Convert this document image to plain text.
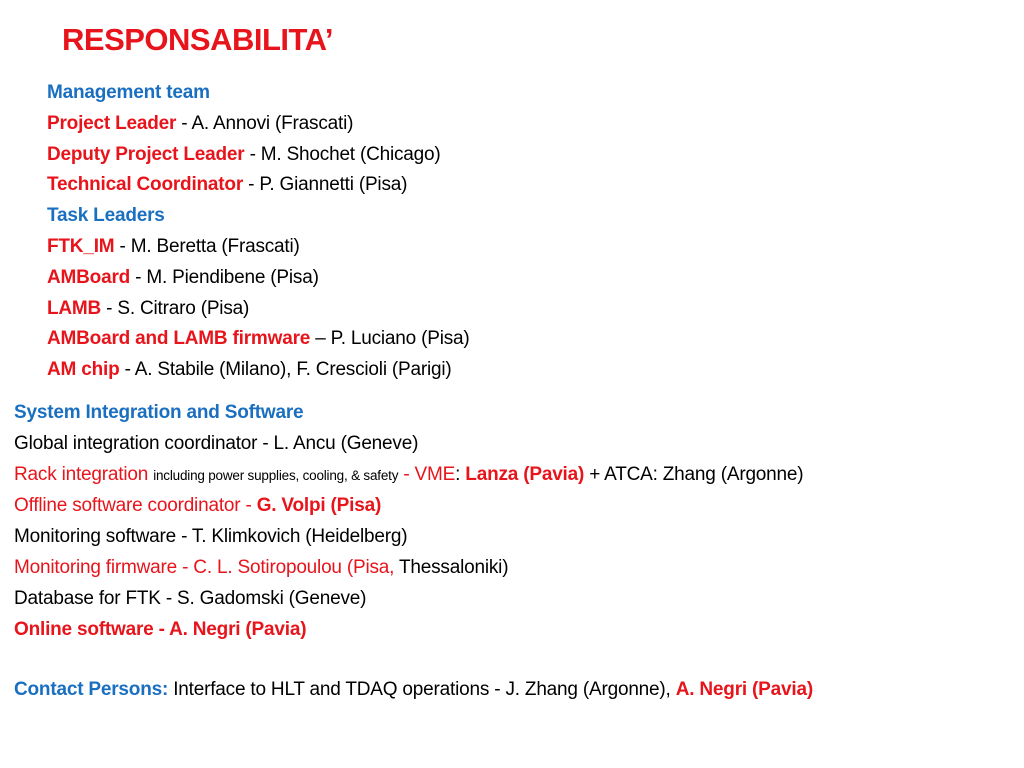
RESPONSABILITA’
Management team
Project Leader - A. Annovi (Frascati)
Deputy Project Leader - M. Shochet (Chicago)
Technical Coordinator - P. Giannetti (Pisa)
Task Leaders
FTK_IM - M. Beretta (Frascati)
AMBoard - M. Piendibene (Pisa)
LAMB - S. Citraro (Pisa)
AMBoard and LAMB firmware – P. Luciano (Pisa)
AM chip - A. Stabile (Milano), F. Crescioli (Parigi)
System Integration and Software
Global integration coordinator - L. Ancu (Geneve)
Rack integration including power supplies, cooling, & safety - VME: Lanza (Pavia) + ATCA: Zhang (Argonne)
Offline software coordinator - G. Volpi (Pisa)
Monitoring software - T. Klimkovich (Heidelberg)
Monitoring firmware - C. L. Sotiropoulou (Pisa, Thessaloniki)
Database for FTK - S. Gadomski (Geneve)
Online software - A. Negri (Pavia)
Contact Persons: Interface to HLT and TDAQ operations - J. Zhang (Argonne), A. Negri (Pavia)
